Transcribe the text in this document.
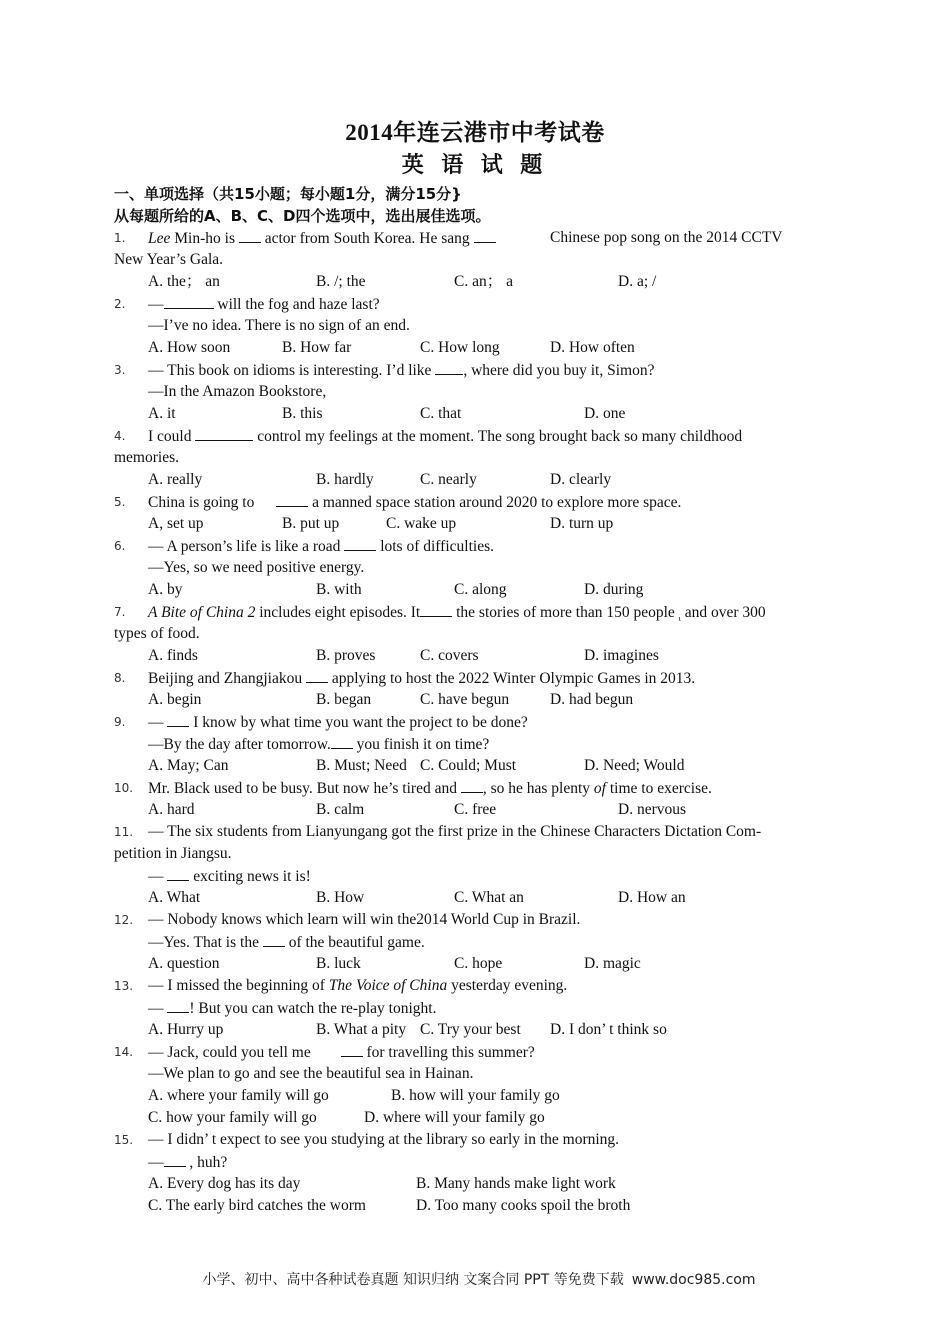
2014年连云港市中考试卷
英 语 试 题
一、单项选择（共15小题；每小题1分，满分15分}
从每题所给的A、B、C、D四个选项中，选出展佳选项。
1. Lee Min-ho is  actor from South Korea. He sang	Chinese pop song on the 2014 CCTV
New Year’s Gala.
A. the； an	B. /; the	C. an； a	D. a; /
2. —	will the fog and haze last?
—I’ve no idea. There is no sign of an end.
A. How soon	B. How far	C. How long	D. How often
3. — This book on idioms is interesting. I’d like , where did you buy it, Simon?
—In the Amazon Bookstore,
A. it	B. this	C. that	D. one
4. I could	control my feelings at the moment. The song brought back so many childhood
memories.
A. really	B. hardly	C. nearly	D. clearly
5. China is going to	a manned space station around 2020 to explore more space.
A, set up	B. put up	C. wake up	D. turn up
6. — A person’s life is like a road  lots of difficulties.
—Yes, so we need positive energy.
A. by	B. with	C. along	D. during
7. A Bite of China 2 includes eight episodes. It the stories of more than 150 people $_\iota$ and over 300
types of food.
A. finds	B. proves	C. covers	D. imagines
8. Beijing and Zhangjiakou  applying to host the 2022 Winter Olympic Games in 2013.
A. begin	B. began	C. have begun	D. had begun
9. —  I know by what time you want the project to be done?
—By the day after tomorrow. you finish it on time?
A. May; Can	B. Must; Need C. Could; Must	D. Need; Would
10. Mr. Black used to be busy. But now he’s tired and , so he has plenty of time to exercise.
A. hard	B. calm	C. free	D. nervous
11. — The six students from Lianyungang got the first prize in the Chinese Characters Dictation Com-
petition in Jiangsu.
—  exciting news it is!
A. What	B. How	C. What an	D. How an
12. — Nobody knows which learn will win the2014 World Cup in Brazil.
—Yes. That is the  of the beautiful game.
A. question	B. luck	C. hope	D. magic
13. — I missed the beginning of The Voice of China yesterday evening.
— ! But you can watch the re-play tonight.
A. Hurry up	B. What a pity C. Try your best D. I don’ t think so
14. — Jack, could you tell me	for travelling this summer?
—We plan to go and see the beautiful sea in Hainan.
A. where your family will go	B. how will your family go
C. how your family will go	D. where will your family go
15. — I didn’ t expect to see you studying at the library so early in the morning.
— , huh?
A. Every dog has its day	B. Many hands make light work
C. The early bird catches the worm	D. Too many cooks spoil the broth
小学、初中、高中各种试卷真题 知识归纳 文案合同 PPT 等免费下载 www.doc985.com
